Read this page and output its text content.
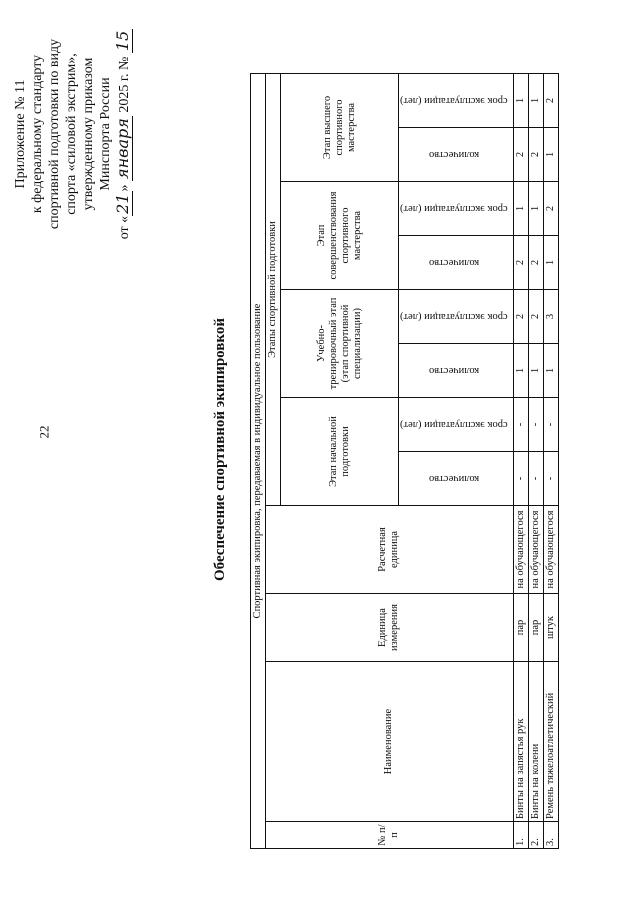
22
Приложение № 11 к федеральному стандарту спортивной подготовки по виду спорта «силовой экстрим», утвержденному приказом Минспорта России
от «21» января 2025 г. № 15
Обеспечение спортивной экипировкой Спортивная экипировка, передаваемая в индивидуальное пользование											
№ п/п	Наименование	Единица измерения	Расчетная единица	Этапы спортивной подготовки							
				Этап начальной подготовки		Учебно-тренировочный этап (этап спортивной специализации)		Этап совершенствования спортивного мастерства		Этап высшего спортивного мастерства	
				количество	срок эксплуатации (лет)	количество	срок эксплуатации (лет)	количество	срок эксплуатации (лет)	количество	срок эксплуатации (лет)
1.	Бинты на запястья рук	пар	на обучающегося	-	-	1	2	2	1	2	1
2.	Бинты на колени	пар	на обучающегося	-	-	1	2	2	1	2	1
3.	Ремень тяжелоатлетический	штук	на обучающегося	-	-	1	3	1	2	1	2
